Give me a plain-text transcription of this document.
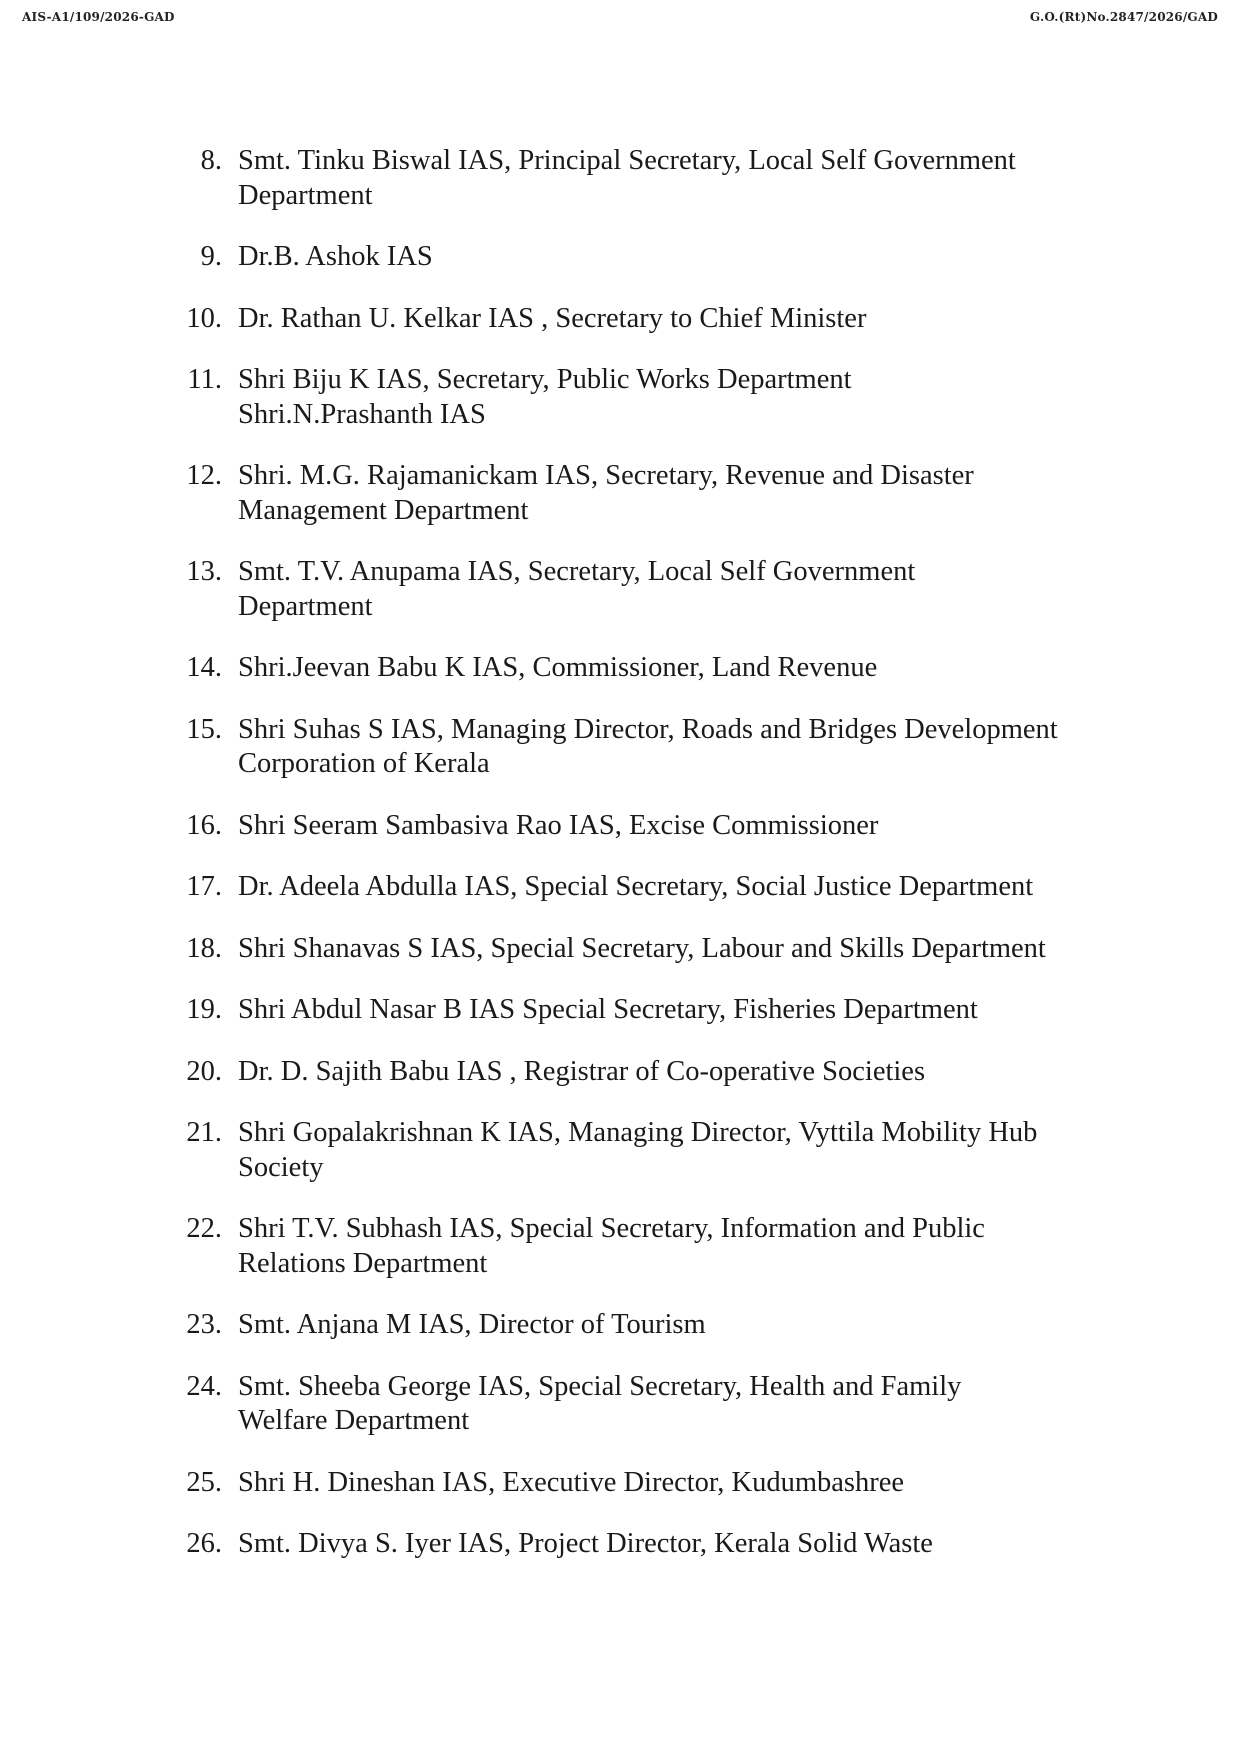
AIS-A1/109/2026-GAD	G.O.(Rt)No.2847/2026/GAD
8. Smt. Tinku Biswal IAS, Principal Secretary, Local Self Government
Department
9. Dr.B. Ashok IAS
10. Dr. Rathan U. Kelkar IAS , Secretary to Chief Minister
11. Shri Biju K IAS, Secretary, Public Works Department
Shri.N.Prashanth IAS
12. Shri. M.G. Rajamanickam IAS, Secretary, Revenue and Disaster
Management Department
13. Smt. T.V. Anupama IAS, Secretary, Local Self Government
Department
14. Shri.Jeevan Babu K IAS, Commissioner, Land Revenue
15. Shri Suhas S IAS, Managing Director, Roads and Bridges Development
Corporation of Kerala
16. Shri Seeram Sambasiva Rao IAS, Excise Commissioner
17. Dr. Adeela Abdulla IAS, Special Secretary, Social Justice Department
18. Shri Shanavas S IAS, Special Secretary, Labour and Skills Department
19. Shri Abdul Nasar B IAS Special Secretary, Fisheries Department
20. Dr. D. Sajith Babu IAS , Registrar of Co-operative Societies
21. Shri Gopalakrishnan K IAS, Managing Director, Vyttila Mobility Hub
Society
22. Shri T.V. Subhash IAS, Special Secretary, Information and Public
Relations Department
23. Smt. Anjana M IAS, Director of Tourism
24. Smt. Sheeba George IAS, Special Secretary, Health and Family
Welfare Department
25. Shri H. Dineshan IAS, Executive Director, Kudumbashree
26. Smt. Divya S. Iyer IAS, Project Director, Kerala Solid Waste
